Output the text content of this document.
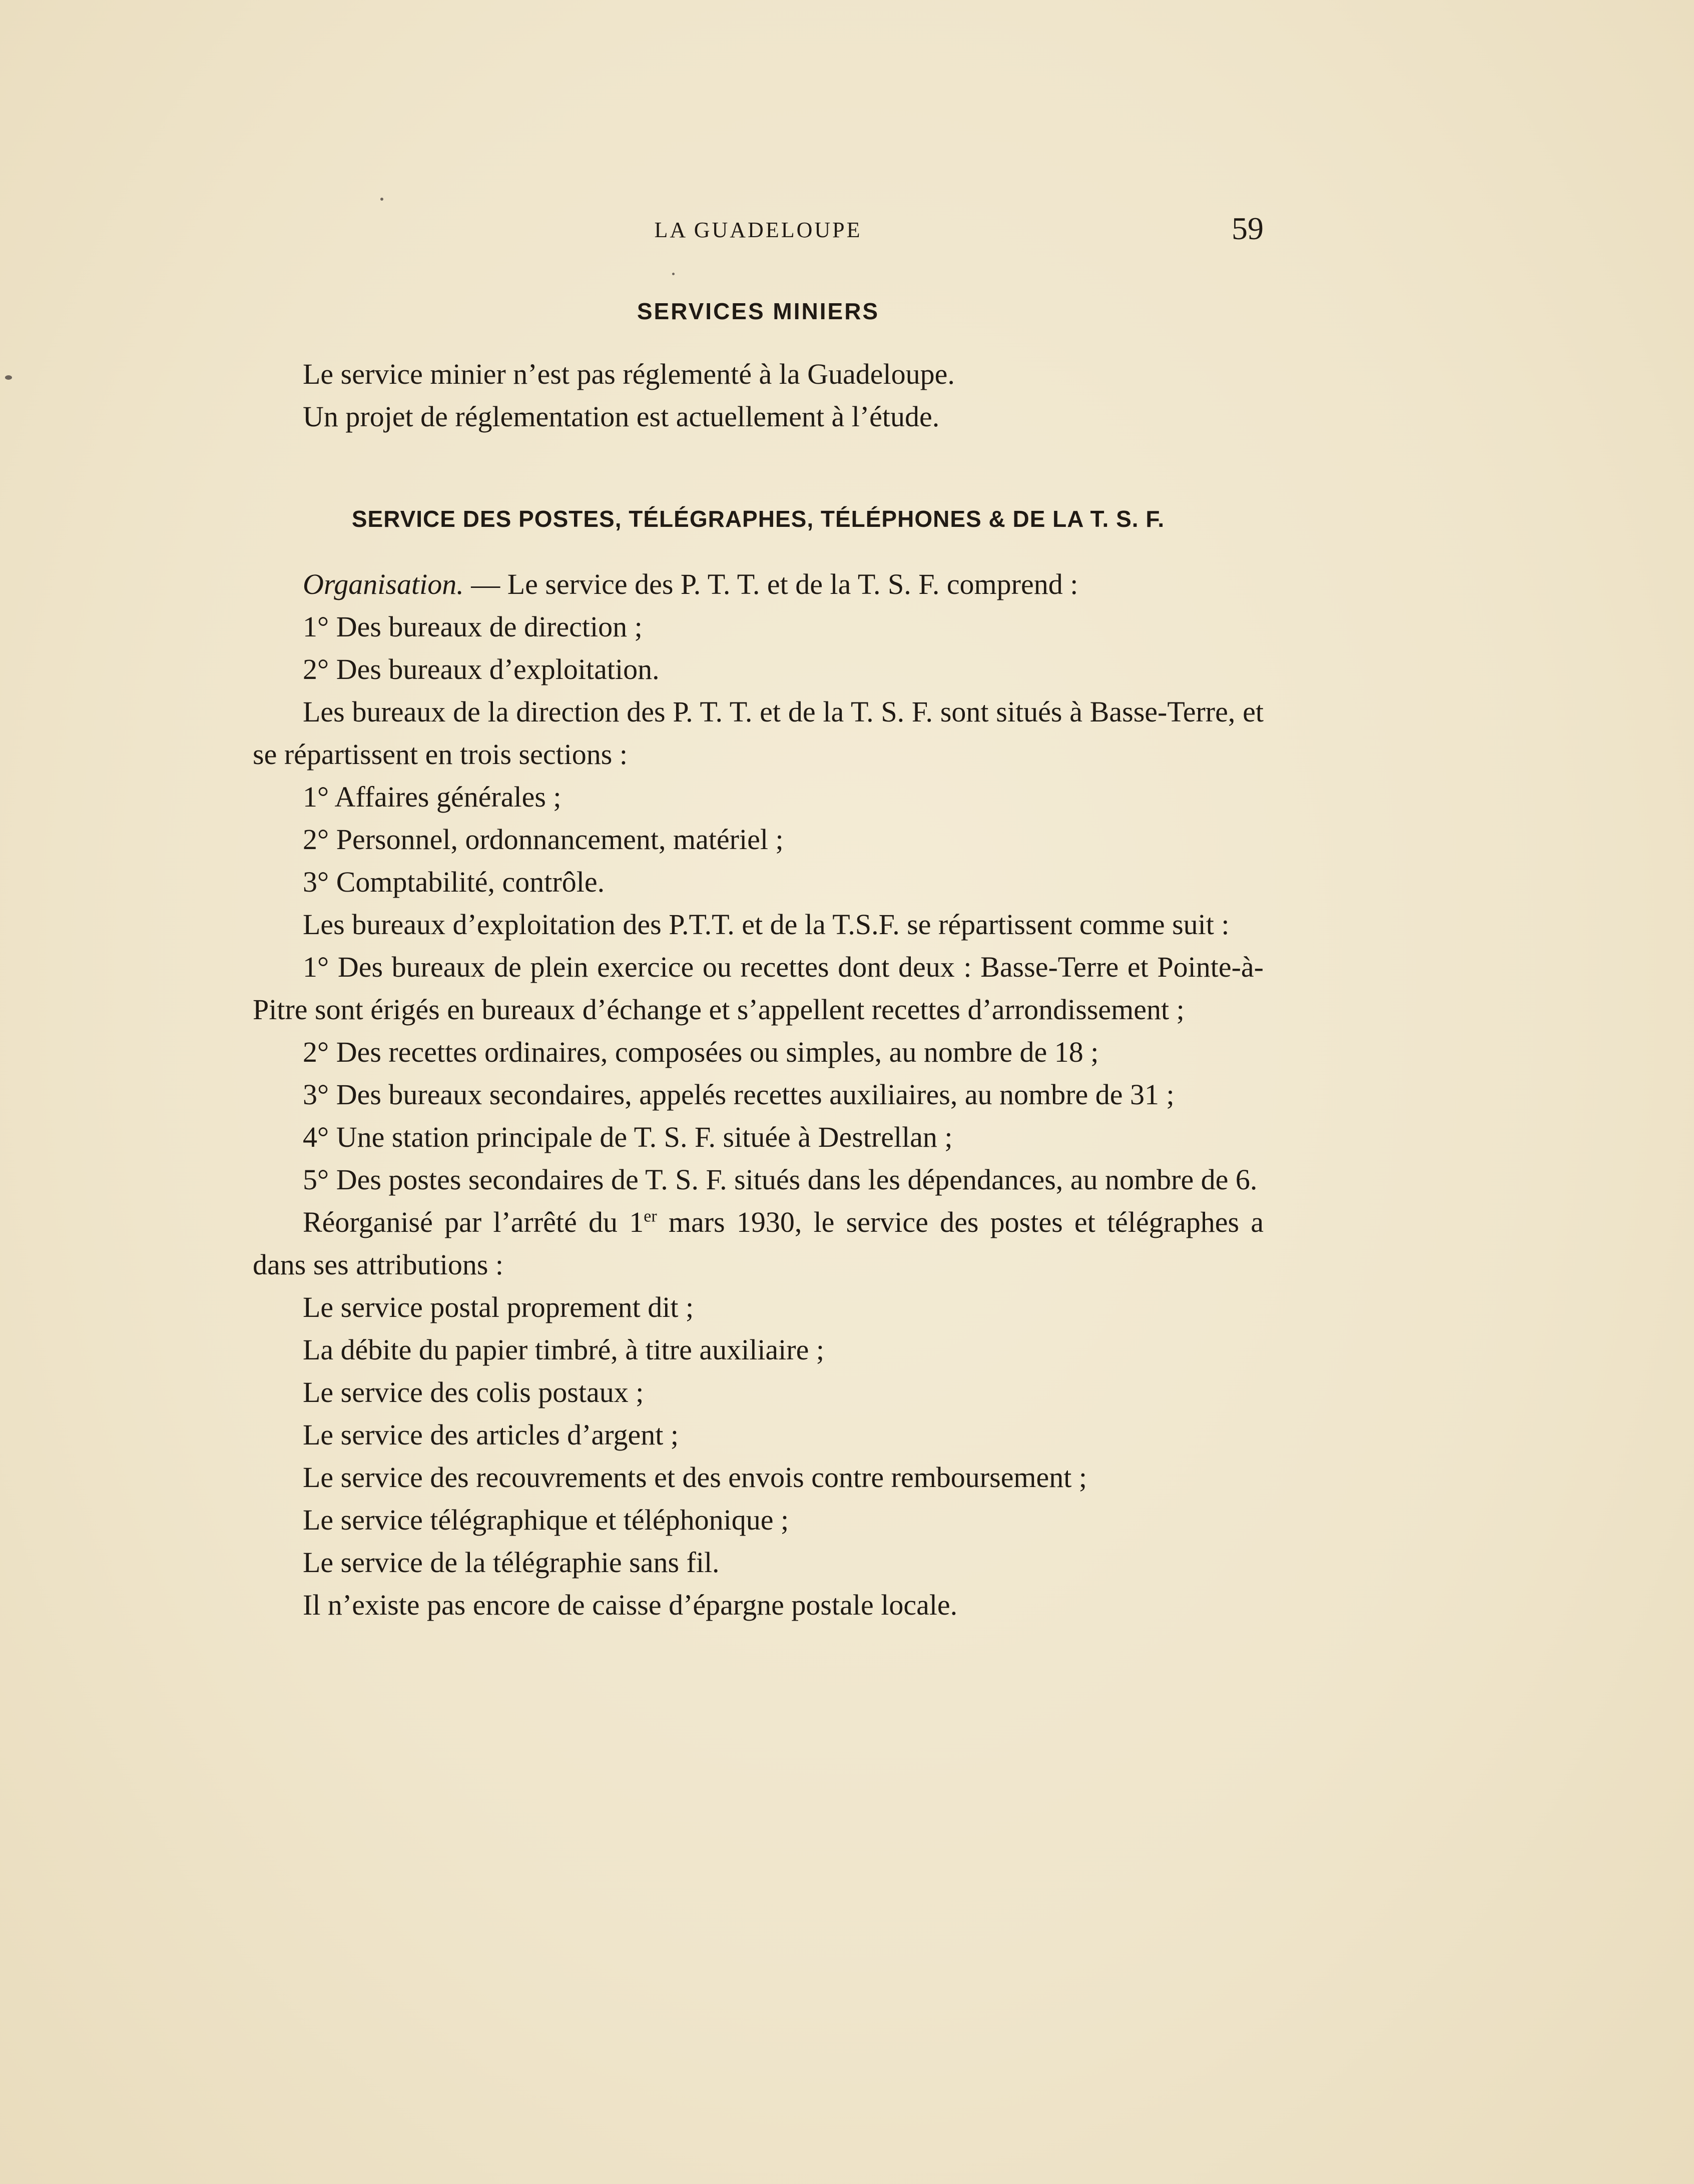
LA GUADELOUPE	59
SERVICES MINIERS

Le service minier n’est pas réglementé à la Guadeloupe.

Un projet de réglementation est actuellement à l’étude.

SERVICE DES POSTES, TÉLÉGRAPHES, TÉLÉPHONES & DE LA T. S. F.

Organisation. — Le service des P. T. T. et de la T. S. F. comprend :

1° Des bureaux de direction ;

2° Des bureaux d’exploitation.

Les bureaux de la direction des P. T. T. et de la T. S. F. sont situés à Basse-Terre, et se répartissent en trois sections :

1° Affaires générales ;

2° Personnel, ordonnancement, matériel ;

3° Comptabilité, contrôle.

Les bureaux d’exploitation des P.T.T. et de la T.S.F. se répartissent comme suit :

1° Des bureaux de plein exercice ou recettes dont deux : Basse-Terre et Pointe-à-Pitre sont érigés en bureaux d’échange et s’appellent recettes d’arrondissement ;

2° Des recettes ordinaires, composées ou simples, au nombre de 18 ;

3° Des bureaux secondaires, appelés recettes auxiliaires, au nombre de 31 ;

4° Une station principale de T. S. F. située à Destrellan ;

5° Des postes secondaires de T. S. F. situés dans les dépendances, au nombre de 6.

Réorganisé par l’arrêté du 1er mars 1930, le service des postes et télégraphes a dans ses attributions :

Le service postal proprement dit ;

La débite du papier timbré, à titre auxiliaire ;

Le service des colis postaux ;

Le service des articles d’argent ;

Le service des recouvrements et des envois contre remboursement ;

Le service télégraphique et téléphonique ;

Le service de la télégraphie sans fil.

Il n’existe pas encore de caisse d’épargne postale locale.
